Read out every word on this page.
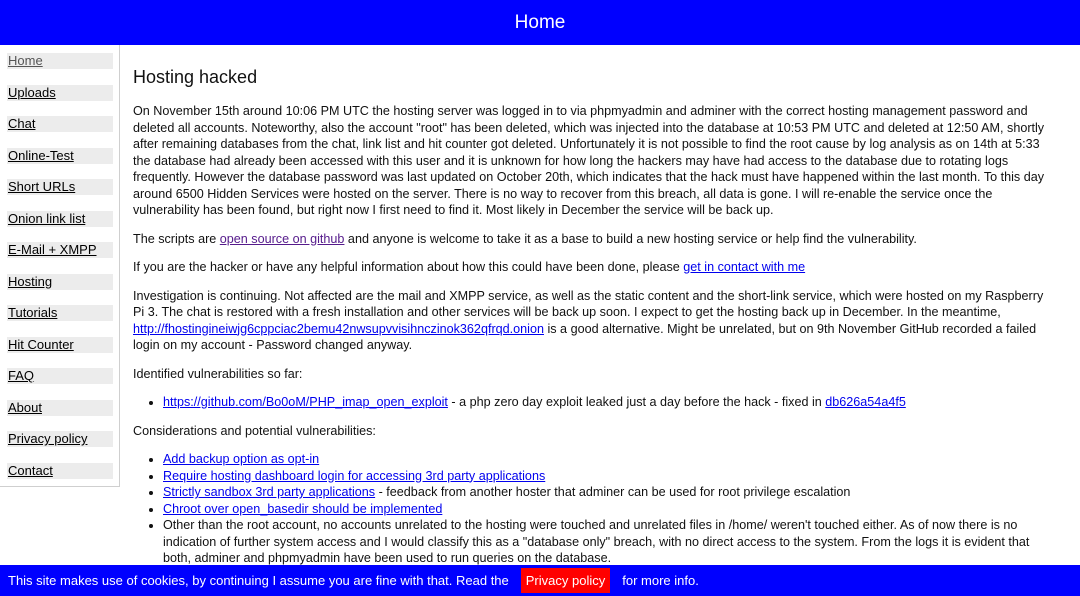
Home
Home
Uploads
Chat
Online-Test
Short URLs
Onion link list
E-Mail + XMPP
Hosting
Tutorials
Hit Counter
FAQ
About
Privacy policy
Contact
Hosting hacked

On November 15th around 10:06 PM UTC the hosting server was logged in to via phpmyadmin and adminer with the correct hosting management password and deleted all accounts. Noteworthy, also the account "root" has been deleted, which was injected into the database at 10:53 PM UTC and deleted at 12:50 AM, shortly after remaining databases from the chat, link list and hit counter got deleted. Unfortunately it is not possible to find the root cause by log analysis as on 14th at 5:33 the database had already been accessed with this user and it is unknown for how long the hackers may have had access to the database due to rotating logs frequently. However the database password was last updated on October 20th, which indicates that the hack must have happened within the last month. To this day around 6500 Hidden Services were hosted on the server. There is no way to recover from this breach, all data is gone. I will re-enable the service once the vulnerability has been found, but right now I first need to find it. Most likely in December the service will be back up.

The scripts are open source on github and anyone is welcome to take it as a base to build a new hosting service or help find the vulnerability.

If you are the hacker or have any helpful information about how this could have been done, please get in contact with me

Investigation is continuing. Not affected are the mail and XMPP service, as well as the static content and the short-link service, which were hosted on my Raspberry Pi 3. The chat is restored with a fresh installation and other services will be back up soon. I expect to get the hosting back up in December. In the meantime, http://fhostingineiwjg6cppciac2bemu42nwsupvvisihnczinok362qfrqd.onion is a good alternative. Might be unrelated, but on 9th November GitHub recorded a failed login on my account - Password changed anyway.

Identified vulnerabilities so far:

• https://github.com/Bo0oM/PHP_imap_open_exploit - a php zero day exploit leaked just a day before the hack - fixed in db626a54a4f5

Considerations and potential vulnerabilities:

• Add backup option as opt-in
• Require hosting dashboard login for accessing 3rd party applications
• Strictly sandbox 3rd party applications - feedback from another hoster that adminer can be used for root privilege escalation
• Chroot over open_basedir should be implemented
• Other than the root account, no accounts unrelated to the hosting were touched and unrelated files in /home/ weren't touched either. As of now there is no indication of further system access and I would classify this as a "database only" breach, with no direct access to the system. From the logs it is evident that both, adminer and phpmyadmin have been used to run queries on the database.
This site makes use of cookies, by continuing I assume you are fine with that. Read the	Privacy policy	for more info.
